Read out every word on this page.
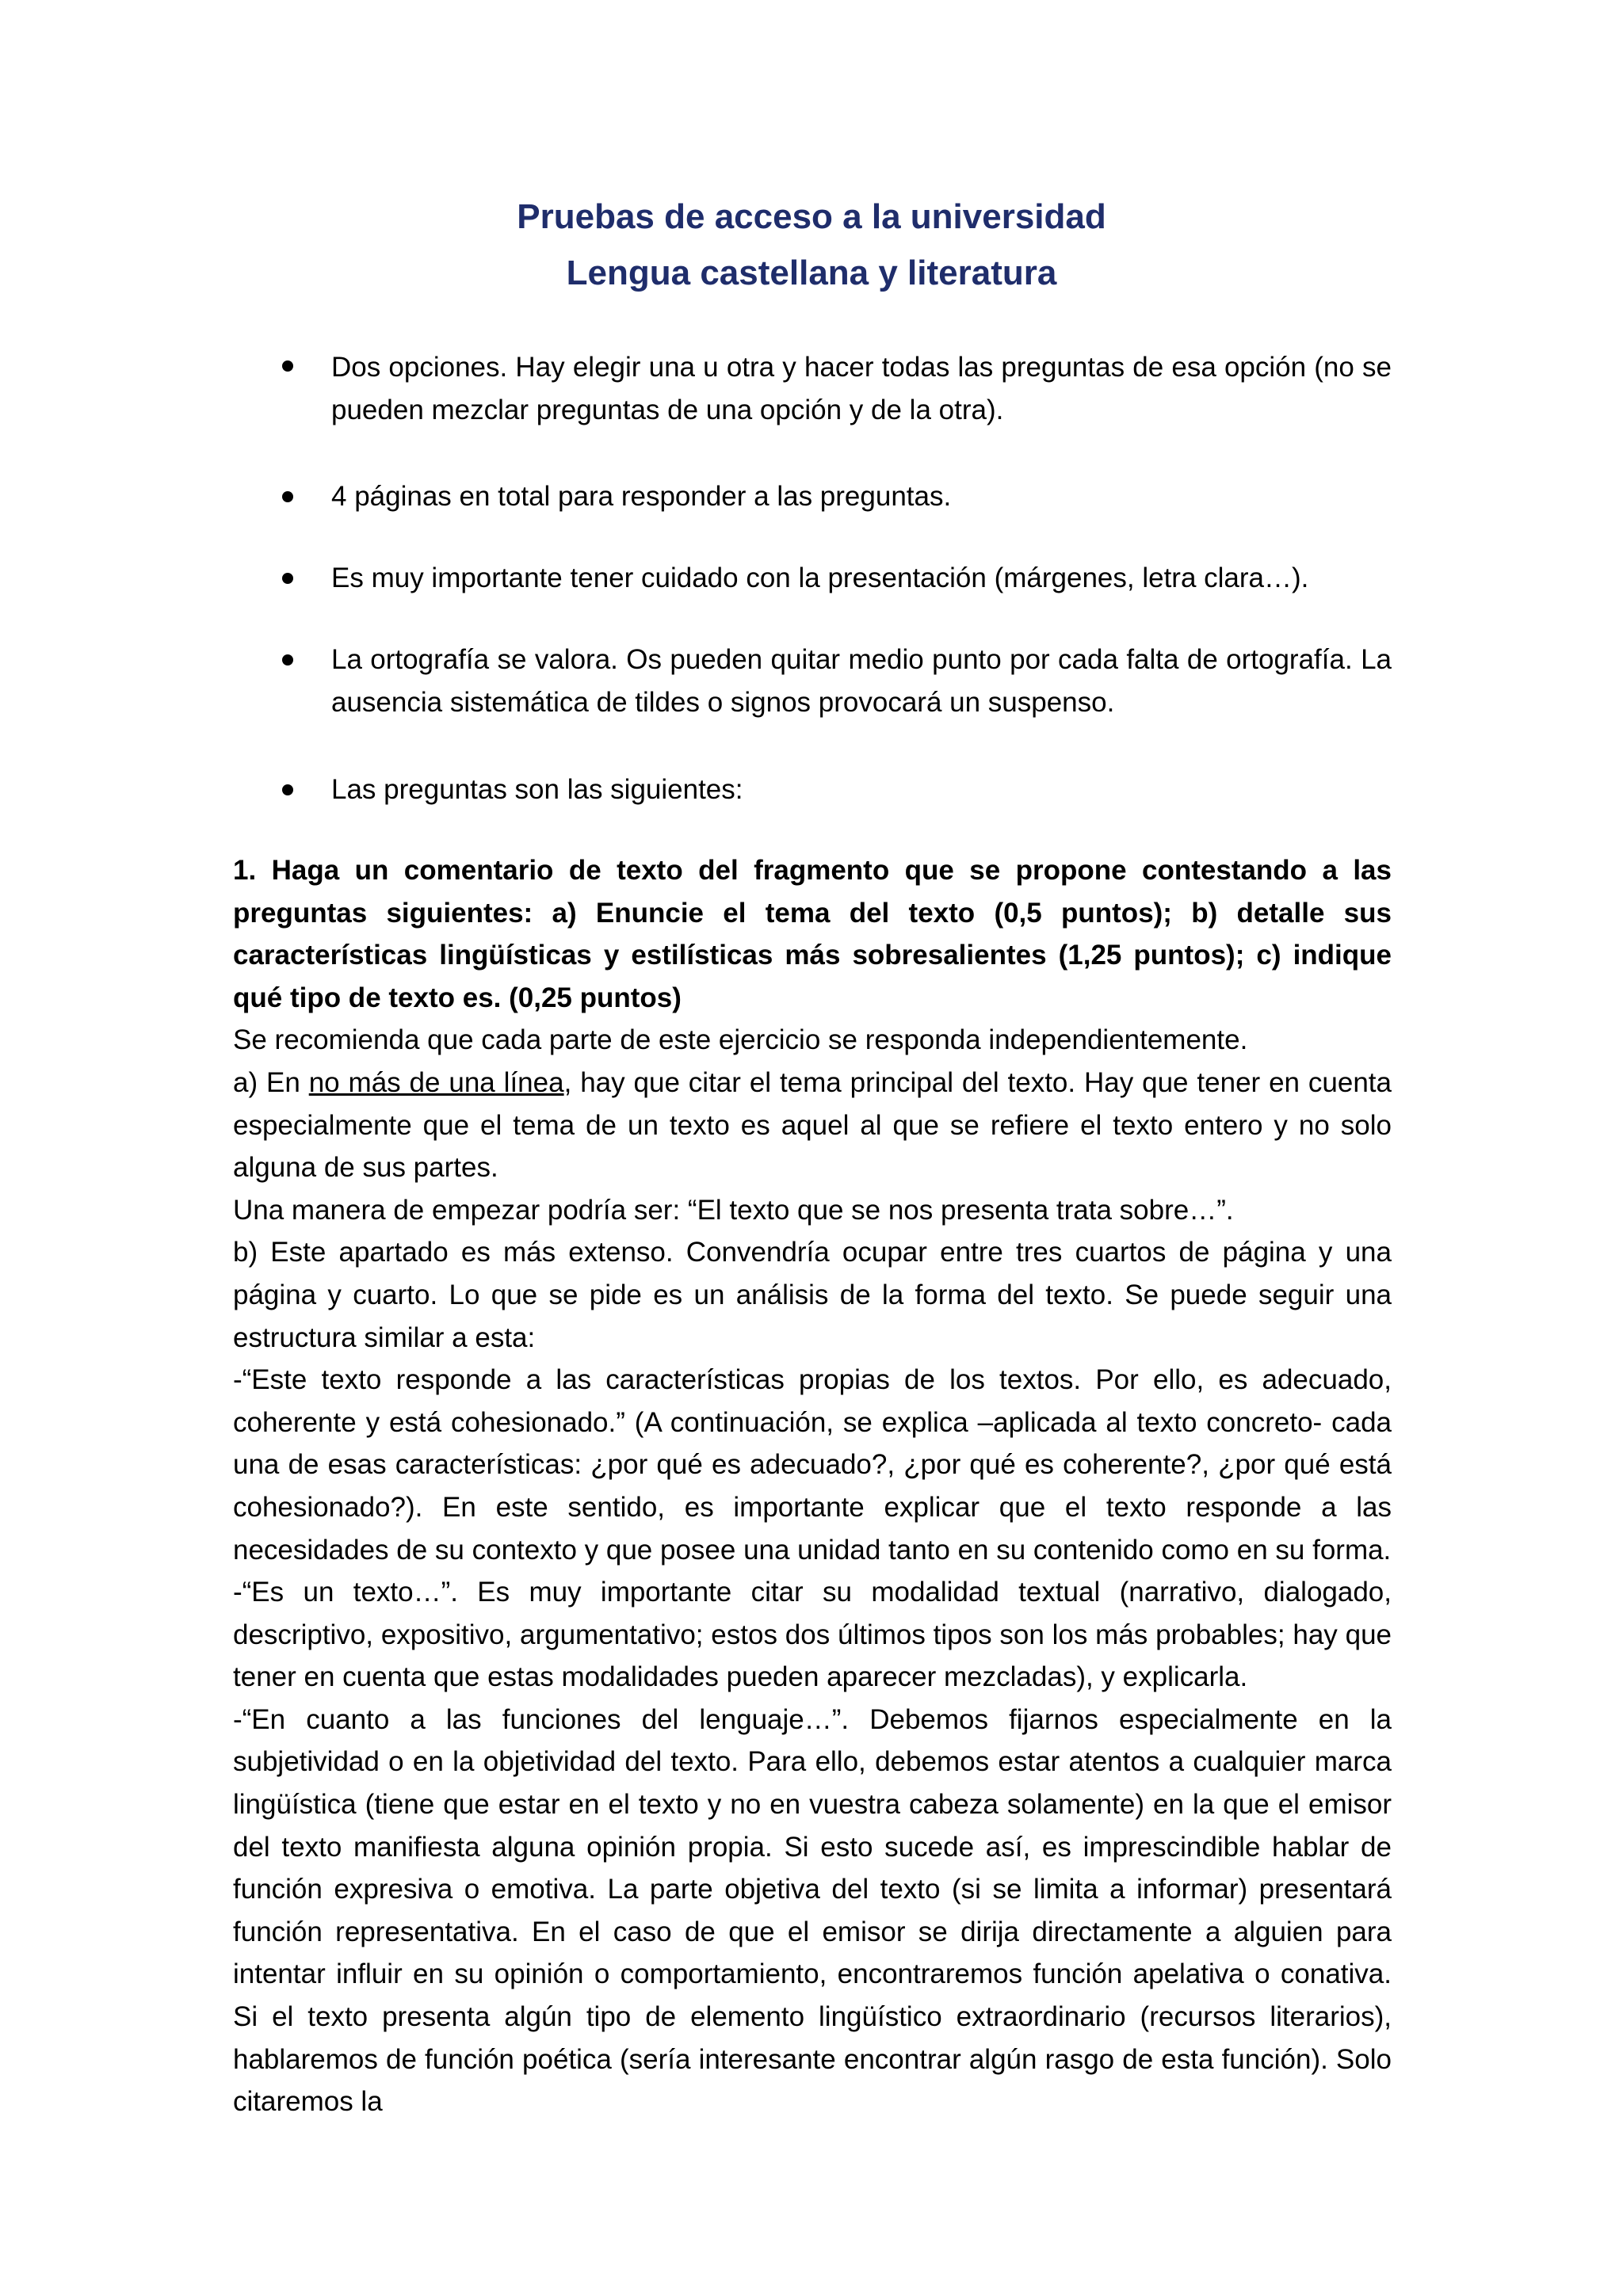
Pruebas de acceso a la universidad

Lengua castellana y literatura

Dos opciones. Hay elegir una u otra y hacer todas las preguntas de esa opción (no se pueden mezclar preguntas de una opción y de la otra).
4 páginas en total para responder a las preguntas.
Es muy importante tener cuidado con la presentación (márgenes, letra clara…).
La ortografía se valora. Os pueden quitar medio punto por cada falta de ortografía. La ausencia sistemática de tildes o signos provocará un suspenso.
Las preguntas son las siguientes:

1. Haga un comentario de texto del fragmento que se propone contestando a las preguntas siguientes: a) Enuncie el tema del texto (0,5 puntos); b) detalle sus características lingüísticas y estilísticas más sobresalientes (1,25 puntos); c) indique qué tipo de texto es. (0,25 puntos)

Se recomienda que cada parte de este ejercicio se responda independientemente.

a) En no más de una línea, hay que citar el tema principal del texto. Hay que tener en cuenta especialmente que el tema de un texto es aquel al que se refiere el texto entero y no solo alguna de sus partes.

Una manera de empezar podría ser: “El texto que se nos presenta trata sobre…”.

b) Este apartado es más extenso. Convendría ocupar entre tres cuartos de página y una página y cuarto. Lo que se pide es un análisis de la forma del texto. Se puede seguir una estructura similar a esta:

-“Este texto responde a las características propias de los textos. Por ello, es adecuado, coherente y está cohesionado.” (A continuación, se explica –aplicada al texto concreto- cada una de esas características: ¿por qué es adecuado?, ¿por qué es coherente?, ¿por qué está cohesionado?). En este sentido, es importante explicar que el texto responde a las necesidades de su contexto y que posee una unidad tanto en su contenido como en su forma.

-“Es un texto…”. Es muy importante citar su modalidad textual (narrativo, dialogado, descriptivo, expositivo, argumentativo; estos dos últimos tipos son los más probables; hay que tener en cuenta que estas modalidades pueden aparecer mezcladas), y explicarla.

-“En cuanto a las funciones del lenguaje…”. Debemos fijarnos especialmente en la subjetividad o en la objetividad del texto. Para ello, debemos estar atentos a cualquier marca lingüística (tiene que estar en el texto y no en vuestra cabeza solamente) en la que el emisor del texto manifiesta alguna opinión propia. Si esto sucede así, es imprescindible hablar de función expresiva o emotiva. La parte objetiva del texto (si se limita a informar) presentará función representativa. En el caso de que el emisor se dirija directamente a alguien para intentar influir en su opinión o comportamiento, encontraremos función apelativa o conativa. Si el texto presenta algún tipo de elemento lingüístico extraordinario (recursos literarios), hablaremos de función poética (sería interesante encontrar algún rasgo de esta función). Solo citaremos la
